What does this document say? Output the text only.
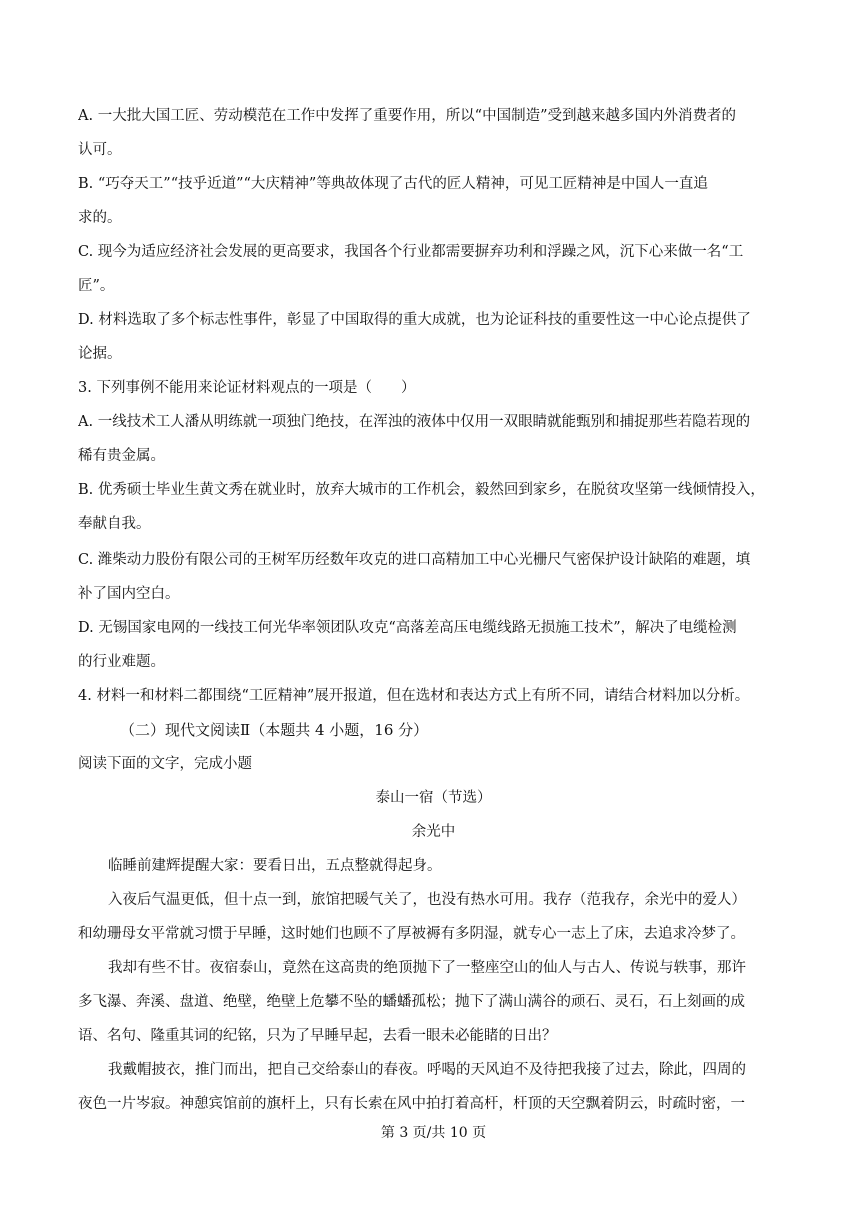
A. 一大批大国工匠、劳动模范在工作中发挥了重要作用，所以“中国制造”受到越来越多国内外消费者的
认可。
B. “巧夺天工”“技乎近道”“大庆精神”等典故体现了古代的匠人精神，可见工匠精神是中国人一直追
求的。
C. 现今为适应经济社会发展的更高要求，我国各个行业都需要摒弃功利和浮躁之风，沉下心来做一名“工
匠”。
D. 材料选取了多个标志性事件，彰显了中国取得的重大成就，也为论证科技的重要性这一中心论点提供了
论据。
3. 下列事例不能用来论证材料观点的一项是（　　）
A. 一线技术工人潘从明练就一项独门绝技，在浑浊的液体中仅用一双眼睛就能甄别和捕捉那些若隐若现的
稀有贵金属。
B. 优秀硕士毕业生黄文秀在就业时，放弃大城市的工作机会，毅然回到家乡，在脱贫攻坚第一线倾情投入，
奉献自我。
C. 潍柴动力股份有限公司的王树军历经数年攻克的进口高精加工中心光栅尺气密保护设计缺陷的难题，填
补了国内空白。
D. 无锡国家电网的一线技工何光华率领团队攻克“高落差高压电缆线路无损施工技术”，解决了电缆检测
的行业难题。
4. 材料一和材料二都围绕“工匠精神”展开报道，但在选材和表达方式上有所不同，请结合材料加以分析。
（二）现代文阅读Ⅱ（本题共 4 小题，16 分）
阅读下面的文字，完成小题
泰山一宿（节选）
余光中
临睡前建辉提醒大家：要看日出，五点整就得起身。
入夜后气温更低，但十点一到，旅馆把暖气关了，也没有热水可用。我存（范我存，余光中的爱人）
和幼珊母女平常就习惯于早睡，这时她们也顾不了厚被褥有多阴湿，就专心一志上了床，去追求冷梦了。
我却有些不甘。夜宿泰山，竟然在这高贵的绝顶抛下了一整座空山的仙人与古人、传说与轶事，那许
多飞瀑、奔溪、盘道、绝壁，绝壁上危攀不坠的蟠蟠孤松；抛下了满山满谷的顽石、灵石，石上刻画的成
语、名句、隆重其词的纪铭，只为了早睡早起，去看一眼未必能睹的日出？
我戴帽披衣，推门而出，把自己交给泰山的春夜。呼喝的天风迫不及待把我接了过去，除此，四周的
夜色一片岑寂。神憩宾馆前的旗杆上，只有长索在风中拍打着高杆，杆顶的天空飘着阴云，时疏时密，一
第 3 页/共 10 页
